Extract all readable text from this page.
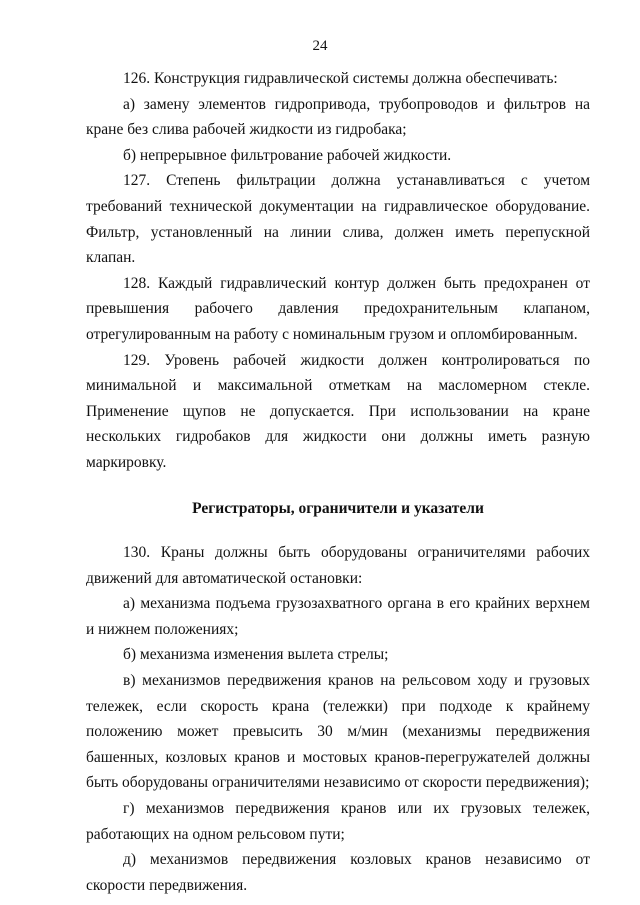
24

126. Конструкция гидравлической системы должна обеспечивать:

а) замену элементов гидропривода, трубопроводов и фильтров на кране без слива рабочей жидкости из гидробака;

б) непрерывное фильтрование рабочей жидкости.

127. Степень фильтрации должна устанавливаться с учетом требований технической документации на гидравлическое оборудование. Фильтр, установленный на линии слива, должен иметь перепускной клапан.

128. Каждый гидравлический контур должен быть предохранен от превышения рабочего давления предохранительным клапаном, отрегулированным на работу с номинальным грузом и опломбированным.

129. Уровень рабочей жидкости должен контролироваться по минимальной и максимальной отметкам на масломерном стекле. Применение щупов не допускается. При использовании на кране нескольких гидробаков для жидкости они должны иметь разную маркировку.

Регистраторы, ограничители и указатели

130. Краны должны быть оборудованы ограничителями рабочих движений для автоматической остановки:

а) механизма подъема грузозахватного органа в его крайних верхнем и нижнем положениях;

б) механизма изменения вылета стрелы;

в) механизмов передвижения кранов на рельсовом ходу и грузовых тележек, если скорость крана (тележки) при подходе к крайнему положению может превысить 30 м/мин (механизмы передвижения башенных, козловых кранов и мостовых кранов-перегружателей должны быть оборудованы ограничителями независимо от скорости передвижения);

г) механизмов передвижения кранов или их грузовых тележек, работающих на одном рельсовом пути;

д) механизмов передвижения козловых кранов независимо от скорости передвижения.
